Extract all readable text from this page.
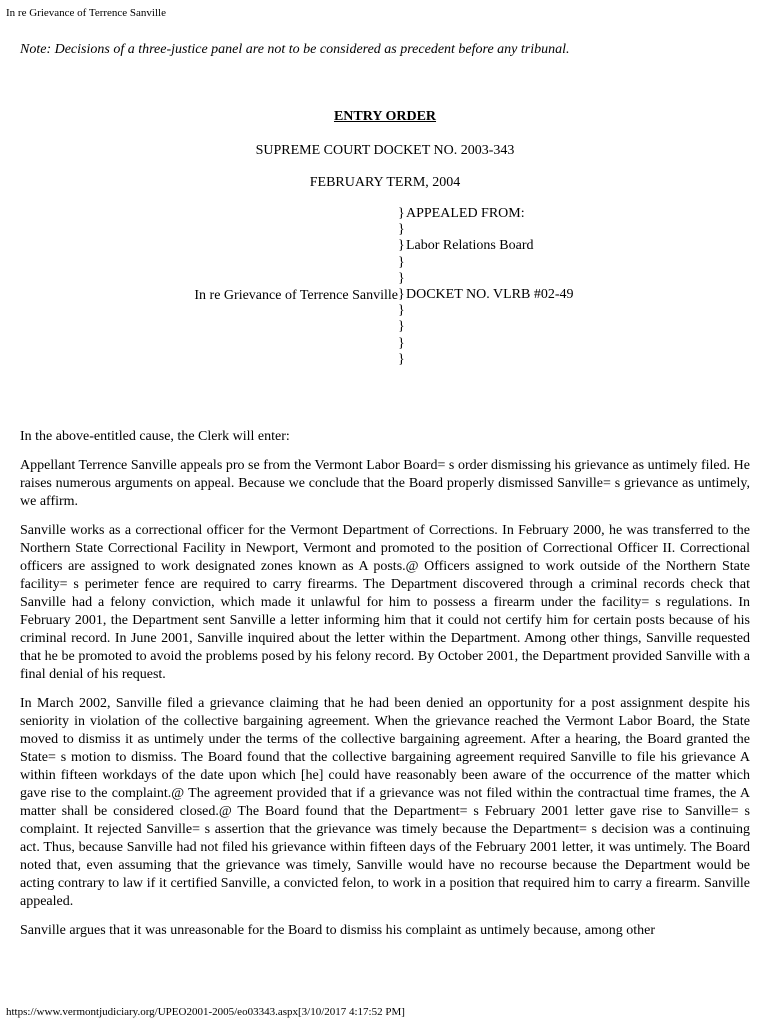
In re Grievance of Terrence Sanville
Note: Decisions of a three-justice panel are not to be considered as precedent before any tribunal.
ENTRY ORDER
SUPREME COURT DOCKET NO. 2003-343
FEBRUARY TERM, 2004
In re Grievance of Terrence Sanville
}APPEALED FROM:
}
}Labor Relations Board
}
}
}DOCKET NO. VLRB #02-49
}
}
}
}

In the above-entitled cause, the Clerk will enter:

Appellant Terrence Sanville appeals pro se from the Vermont Labor Board= s order dismissing his grievance as untimely filed. He raises numerous arguments on appeal. Because we conclude that the Board properly dismissed Sanville= s grievance as untimely, we affirm.

Sanville works as a correctional officer for the Vermont Department of Corrections. In February 2000, he was transferred to the Northern State Correctional Facility in Newport, Vermont and promoted to the position of Correctional Officer II. Correctional officers are assigned to work designated zones known as A posts.@ Officers assigned to work outside of the Northern State facility= s perimeter fence are required to carry firearms. The Department discovered through a criminal records check that Sanville had a felony conviction, which made it unlawful for him to possess a firearm under the facility= s regulations. In February 2001, the Department sent Sanville a letter informing him that it could not certify him for certain posts because of his criminal record. In June 2001, Sanville inquired about the letter within the Department. Among other things, Sanville requested that he be promoted to avoid the problems posed by his felony record. By October 2001, the Department provided Sanville with a final denial of his request.

In March 2002, Sanville filed a grievance claiming that he had been denied an opportunity for a post assignment despite his seniority in violation of the collective bargaining agreement. When the grievance reached the Vermont Labor Board, the State moved to dismiss it as untimely under the terms of the collective bargaining agreement. After a hearing, the Board granted the State= s motion to dismiss. The Board found that the collective bargaining agreement required Sanville to file his grievance A within fifteen workdays of the date upon which [he] could have reasonably been aware of the occurrence of the matter which gave rise to the complaint.@ The agreement provided that if a grievance was not filed within the contractual time frames, the A matter shall be considered closed.@ The Board found that the Department= s February 2001 letter gave rise to Sanville= s complaint. It rejected Sanville= s assertion that the grievance was timely because the Department= s decision was a continuing act. Thus, because Sanville had not filed his grievance within fifteen days of the February 2001 letter, it was untimely. The Board noted that, even assuming that the grievance was timely, Sanville would have no recourse because the Department would be acting contrary to law if it certified Sanville, a convicted felon, to work in a position that required him to carry a firearm. Sanville appealed.

Sanville argues that it was unreasonable for the Board to dismiss his complaint as untimely because, among other

https://www.vermontjudiciary.org/UPEO2001-2005/eo03343.aspx[3/10/2017 4:17:52 PM]
